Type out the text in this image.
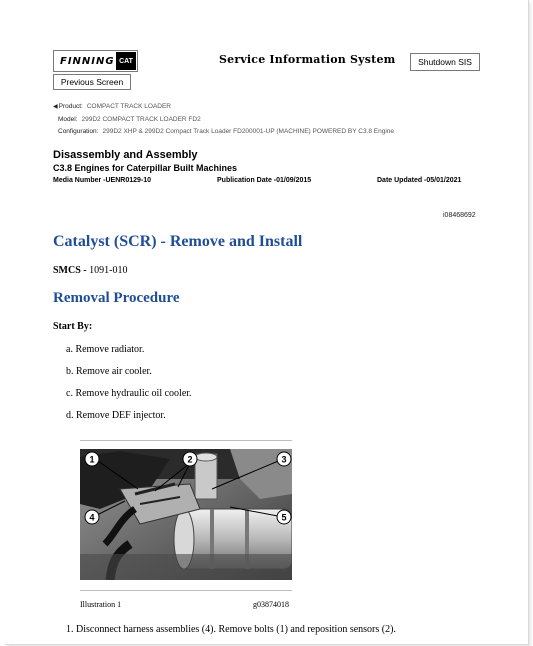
FINNING CAT
Previous Screen
Service Information System	Shutdown SIS
◀Product: COMPACT TRACK LOADER
Model: 299D2 COMPACT TRACK LOADER FD2
Configuration: 299D2 XHP & 299D2 Compact Track Loader FD200001-UP (MACHINE) POWERED BY C3.8 Engine
Disassembly and Assembly
C3.8 Engines for Caterpillar Built Machines
Media Number -UENR0129-10	Publication Date -01/09/2015	Date Updated -05/01/2021
i08468692
Catalyst (SCR) - Remove and Install
SMCS - 1091-010
Removal Procedure
Start By:
a. Remove radiator.
b. Remove air cooler.
c. Remove hydraulic oil cooler.
d. Remove DEF injector.
1	2	3
4	5
Illustration 1	g03874018
1. Disconnect harness assemblies (4). Remove bolts (1) and reposition sensors (2).
